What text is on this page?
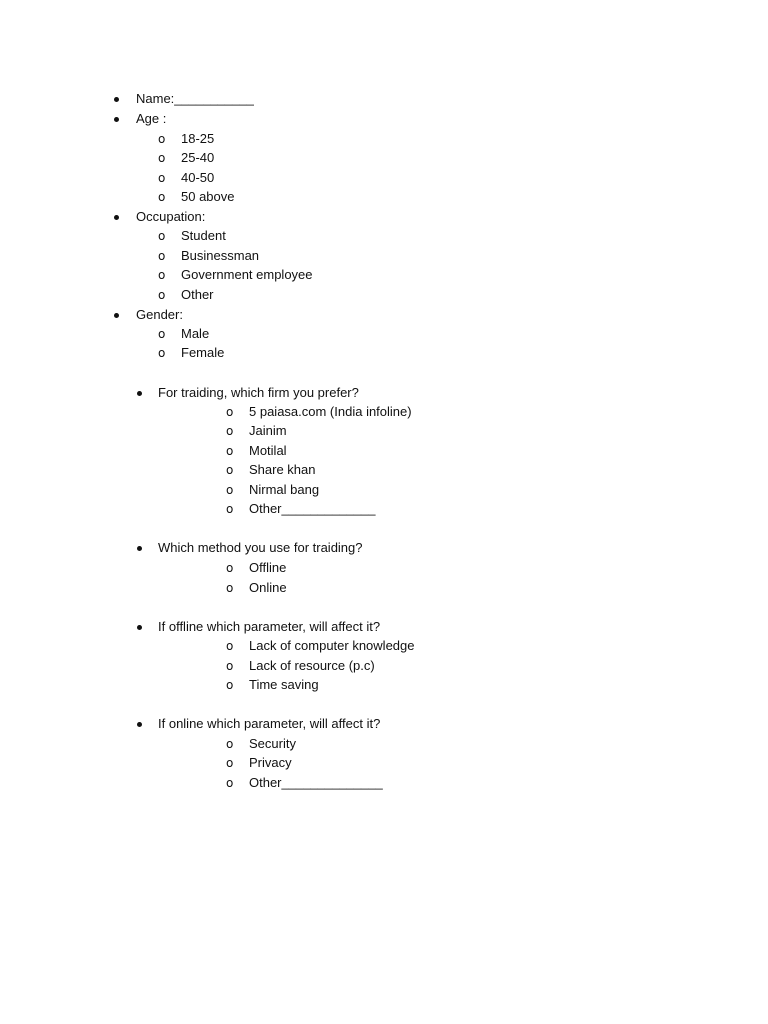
Name:___________
Age :
o 18-25
o 25-40
o 40-50
o 50 above
Occupation:
o Student
o Businessman
o Government employee
o Other
Gender:
o Male
o Female
For traiding, which firm you prefer?
o 5 paiasa.com (India infoline)
o Jainim
o Motilal
o Share khan
o Nirmal bang
o Other_____________
Which method you use for traiding?
o Offline
o Online
If offline which parameter, will affect it?
o Lack of computer knowledge
o Lack of resource (p.c)
o Time saving
If online which parameter, will affect it?
o Security
o Privacy
o Other______________
